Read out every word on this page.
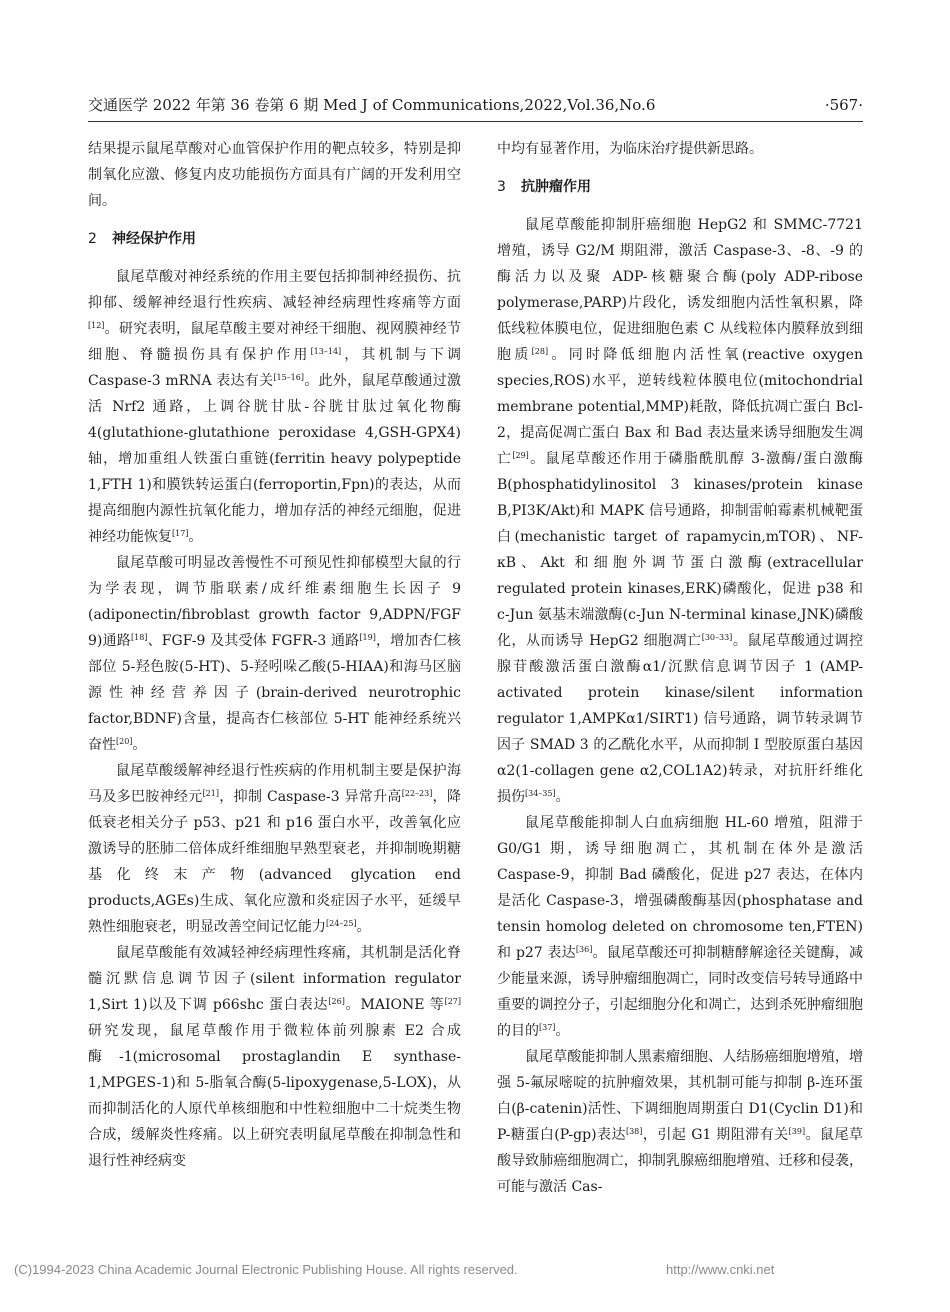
交通医学 2022 年第 36 卷第 6 期 Med J of Communications,2022,Vol.36,No.6	·567·

结果提示鼠尾草酸对心血管保护作用的靶点较多，特别是抑制氧化应激、修复内皮功能损伤方面具有广阔的开发利用空间。

2 神经保护作用

鼠尾草酸对神经系统的作用主要包括抑制神经损伤、抗抑郁、缓解神经退行性疾病、减轻神经病理性疼痛等方面[12]。研究表明，鼠尾草酸主要对神经干细胞、视网膜神经节细胞、脊髓损伤具有保护作用[13–14]，其机制与下调 Caspase-3 mRNA 表达有关[15–16]。此外，鼠尾草酸通过激活 Nrf2 通路，上调谷胱甘肽-谷胱甘肽过氧化物酶 4(glutathione-glutathione peroxidase 4,GSH-GPX4)轴，增加重组人铁蛋白重链(ferritin heavy polypeptide 1,FTH 1)和膜铁转运蛋白(ferroportin,Fpn)的表达，从而提高细胞内源性抗氧化能力，增加存活的神经元细胞，促进神经功能恢复[17]。

鼠尾草酸可明显改善慢性不可预见性抑郁模型大鼠的行为学表现，调节脂联素/成纤维素细胞生长因子 9 (adiponectin/fibroblast growth factor 9,ADPN/FGF 9)通路[18]、FGF-9 及其受体 FGFR-3 通路[19]，增加杏仁核部位 5-羟色胺(5-HT)、5-羟吲哚乙酸(5-HIAA)和海马区脑源性神经营养因子(brain-derived neurotrophic factor,BDNF)含量，提高杏仁核部位 5-HT 能神经系统兴奋性[20]。

鼠尾草酸缓解神经退行性疾病的作用机制主要是保护海马及多巴胺神经元[21]，抑制 Caspase-3 异常升高[22–23]，降低衰老相关分子 p53、p21 和 p16 蛋白水平，改善氧化应激诱导的胚肺二倍体成纤维细胞早熟型衰老，并抑制晚期糖基化终末产物(advanced glycation end products,AGEs)生成、氧化应激和炎症因子水平，延缓早熟性细胞衰老，明显改善空间记忆能力[24–25]。

鼠尾草酸能有效减轻神经病理性疼痛，其机制是活化脊髓沉默信息调节因子(silent information regulator 1,Sirt 1)以及下调 p66shc 蛋白表达[26]。MAIONE 等[27]研究发现，鼠尾草酸作用于微粒体前列腺素 E2 合成酶-1(microsomal prostaglandin E synthase-1,MPGES-1)和 5-脂氧合酶(5-lipoxygenase,5-LOX)，从而抑制活化的人原代单核细胞和中性粒细胞中二十烷类生物合成，缓解炎性疼痛。以上研究表明鼠尾草酸在抑制急性和退行性神经病变

中均有显著作用，为临床治疗提供新思路。

3 抗肿瘤作用

鼠尾草酸能抑制肝癌细胞 HepG2 和 SMMC-7721 增殖，诱导 G2/M 期阻滞，激活 Caspase-3、-8、-9 的酶活力以及聚 ADP-核糖聚合酶(poly ADP-ribose polymerase,PARP)片段化，诱发细胞内活性氧积累，降低线粒体膜电位，促进细胞色素 C 从线粒体内膜释放到细胞质[28]。同时降低细胞内活性氧(reactive oxygen species,ROS)水平，逆转线粒体膜电位(mitochondrial membrane potential,MMP)耗散，降低抗凋亡蛋白 Bcl-2，提高促凋亡蛋白 Bax 和 Bad 表达量来诱导细胞发生凋亡[29]。鼠尾草酸还作用于磷脂酰肌醇 3-激酶/蛋白激酶 B(phosphatidylinositol 3 kinases/protein kinase B,PI3K/Akt)和 MAPK 信号通路，抑制雷帕霉素机械靶蛋白(mechanistic target of rapamycin,mTOR)、NF-κB、Akt 和细胞外调节蛋白激酶(extracellular regulated protein kinases,ERK)磷酸化，促进 p38 和 c-Jun 氨基末端激酶(c-Jun N-terminal kinase,JNK)磷酸化，从而诱导 HepG2 细胞凋亡[30–33]。鼠尾草酸通过调控腺苷酸激活蛋白激酶α1/沉默信息调节因子 1 (AMP-activated protein kinase/silent information regulator 1,AMPKα1/SIRT1) 信号通路，调节转录调节因子 SMAD 3 的乙酰化水平，从而抑制 Ⅰ 型胶原蛋白基因 α2(1-collagen gene α2,COL1A2)转录，对抗肝纤维化损伤[34–35]。

鼠尾草酸能抑制人白血病细胞 HL-60 增殖，阻滞于 G0/G1 期，诱导细胞凋亡，其机制在体外是激活 Caspase-9，抑制 Bad 磷酸化，促进 p27 表达，在体内是活化 Caspase-3，增强磷酸酶基因(phosphatase and tensin homolog deleted on chromosome ten,FTEN)和 p27 表达[36]。鼠尾草酸还可抑制糖酵解途径关键酶，减少能量来源，诱导肿瘤细胞凋亡，同时改变信号转导通路中重要的调控分子，引起细胞分化和凋亡，达到杀死肿瘤细胞的目的[37]。

鼠尾草酸能抑制人黑素瘤细胞、人结肠癌细胞增殖，增强 5-氟尿嘧啶的抗肿瘤效果，其机制可能与抑制 β-连环蛋白(β-catenin)活性、下调细胞周期蛋白 D1(Cyclin D1)和 P-糖蛋白(P-gp)表达[38]，引起 G1 期阻滞有关[39]。鼠尾草酸导致肺癌细胞凋亡，抑制乳腺癌细胞增殖、迁移和侵袭，可能与激活 Cas-

(C)1994-2023 China Academic Journal Electronic Publishing House. All rights reserved.	http://www.cnki.net
